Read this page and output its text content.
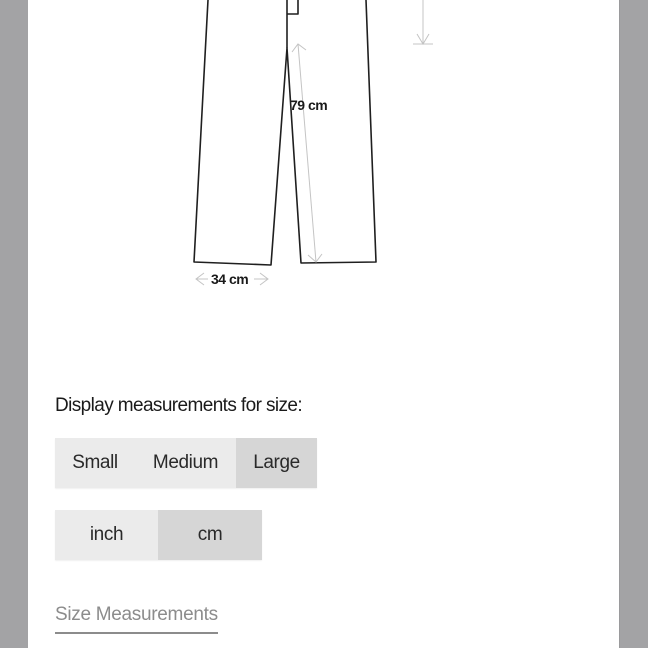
79 cm
34 cm

Display measurements for size:

Small	Medium	Large
inch	cm
Size Measurements
